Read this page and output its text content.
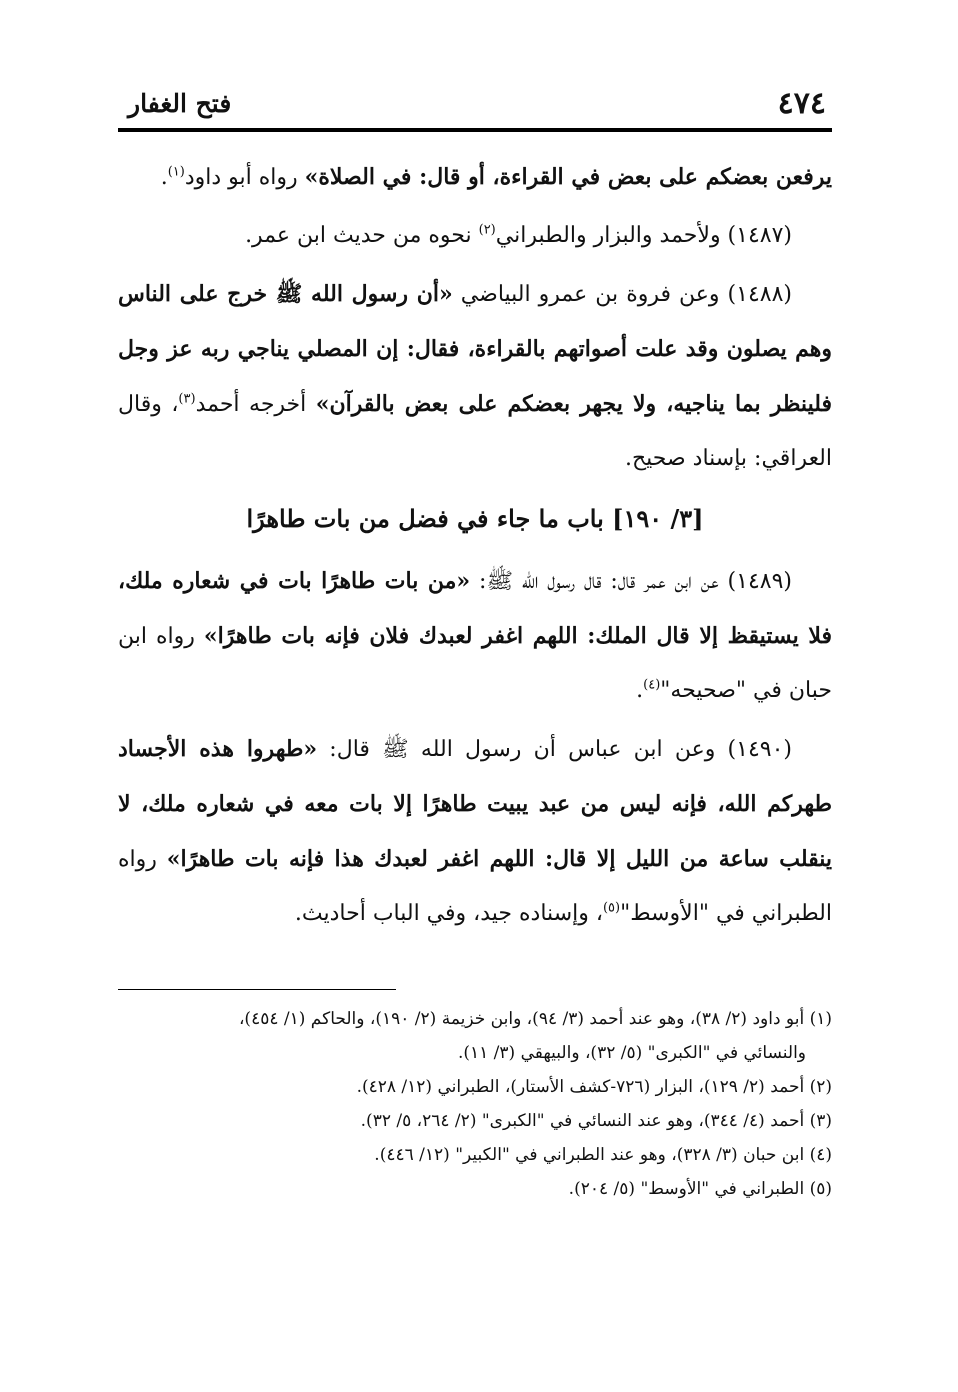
٤٧٤
فتح الغفار

يرفعن بعضكم على بعض في القراءة، أو قال: في الصلاة» رواه أبو داود$^{(١)}$.

(١٤٨٧) ولأحمد والبزار والطبراني$^{(٢)}$ نحوه من حديث ابن عمر.

(١٤٨٨) وعن فروة بن عمرو البياضي «أن رسول الله ﷺ خرج على الناس وهم يصلون وقد علت أصواتهم بالقراءة، فقال: إن المصلي يناجي ربه عز وجل فلينظر بما يناجيه، ولا يجهر بعضكم على بعض بالقرآن» أخرجه أحمد$^{(٣)}$، وقال العراقي: بإسناد صحيح.

[٣/ ١٩٠] باب ما جاء في فضل من بات طاهرًا

(١٤٨٩) عن ابن عمر قال: قال رسول الله ﷺ: «من بات طاهرًا بات في شعاره ملك، فلا يستيقظ إلا قال الملك: اللهم اغفر لعبدك فلان فإنه بات طاهرًا» رواه ابن حبان في "صحيحه"$^{(٤)}$.

(١٤٩٠) وعن ابن عباس أن رسول الله ﷺ قال: «طهروا هذه الأجساد طهركم الله، فإنه ليس من عبد يبيت طاهرًا إلا بات معه في شعاره ملك، لا ينقلب ساعة من الليل إلا قال: اللهم اغفر لعبدك هذا فإنه بات طاهرًا» رواه الطبراني في "الأوسط"$^{(٥)}$، وإسناده جيد، وفي الباب أحاديث.

(١) أبو داود (٢/ ٣٨)، وهو عند أحمد (٣/ ٩٤)، وابن خزيمة (٢/ ١٩٠)، والحاكم (١/ ٤٥٤)،

والنسائي في "الكبرى" (٥/ ٣٢)، والبيهقي (٣/ ١١).

(٢) أحمد (٢/ ١٢٩)، البزار (٧٢٦-كشف الأستار)، الطبراني (١٢/ ٤٢٨).

(٣) أحمد (٤/ ٣٤٤)، وهو عند النسائي في "الكبرى" (٢/ ٢٦٤، ٥/ ٣٢).

(٤) ابن حبان (٣/ ٣٢٨)، وهو عند الطبراني في "الكبير" (١٢/ ٤٤٦).

(٥) الطبراني في "الأوسط" (٥/ ٢٠٤).
